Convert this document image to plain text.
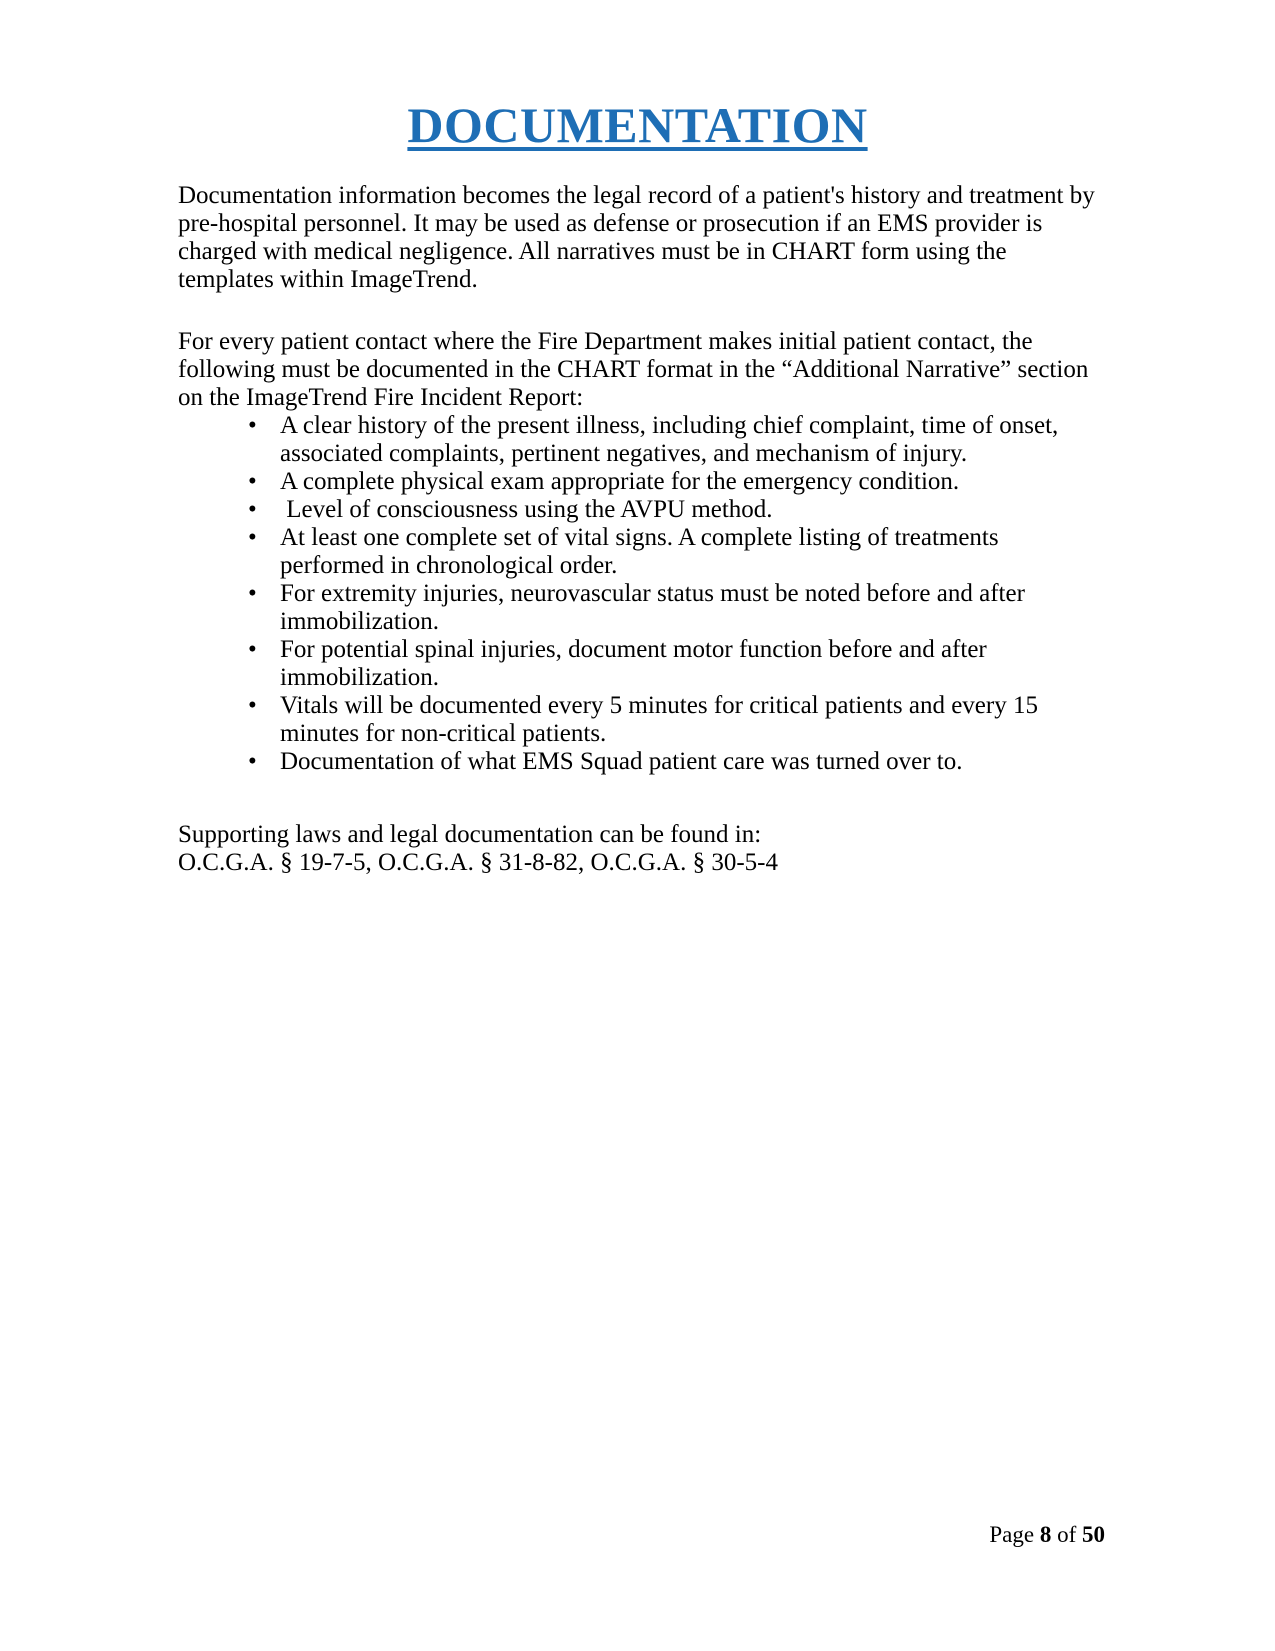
DOCUMENTATION

Documentation information becomes the legal record of a patient's history and treatment by pre-hospital personnel. It may be used as defense or prosecution if an EMS provider is charged with medical negligence. All narratives must be in CHART form using the templates within ImageTrend.

For every patient contact where the Fire Department makes initial patient contact, the following must be documented in the CHART format in the “Additional Narrative” section on the ImageTrend Fire Incident Report:

• A clear history of the present illness, including chief complaint, time of onset, associated complaints, pertinent negatives, and mechanism of injury.
• A complete physical exam appropriate for the emergency condition.
•  Level of consciousness using the AVPU method.
• At least one complete set of vital signs. A complete listing of treatments performed in chronological order.
• For extremity injuries, neurovascular status must be noted before and after immobilization.
• For potential spinal injuries, document motor function before and after immobilization.
• Vitals will be documented every 5 minutes for critical patients and every 15 minutes for non-critical patients.
• Documentation of what EMS Squad patient care was turned over to.

Supporting laws and legal documentation can be found in:

O.C.G.A. § 19-7-5, O.C.G.A. § 31-8-82, O.C.G.A. § 30-5-4

Page 8 of 50
